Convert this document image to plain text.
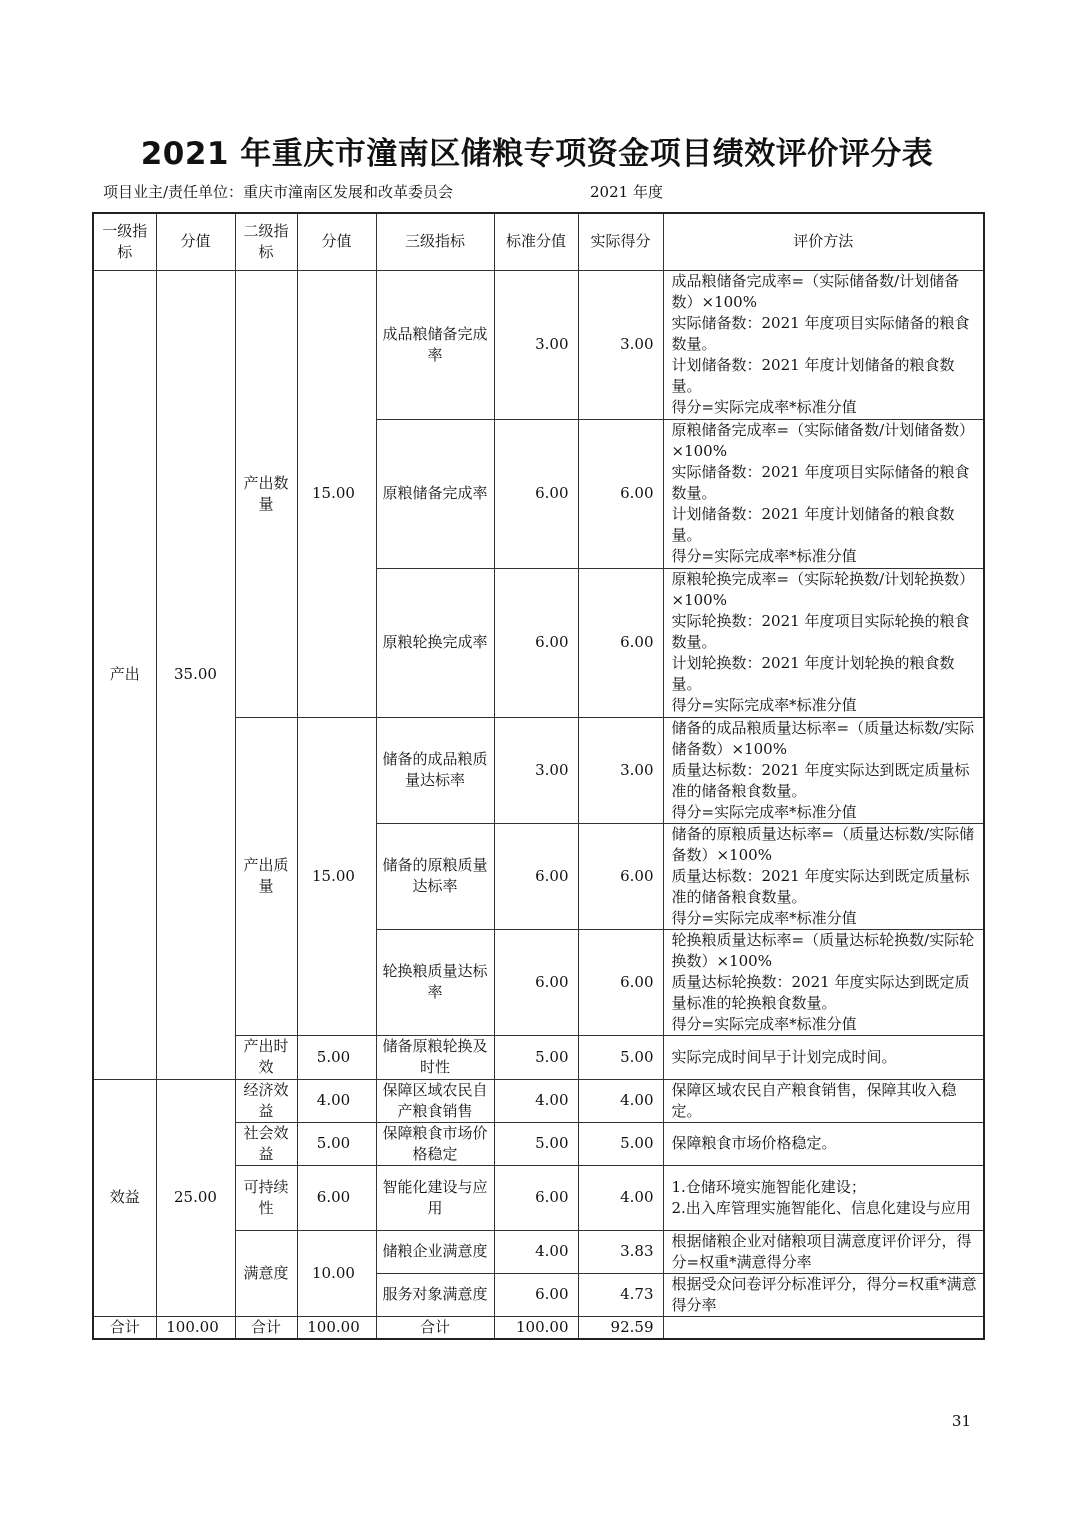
2021 年重庆市潼南区储粮专项资金项目绩效评价评分表
项目业主/责任单位：重庆市潼南区发展和改革委员会	2021 年度
一级指标	分值	二级指标	分值	三级指标	标准分值	实际得分	评价方法
产出	35.00	产出数量	15.00	成品粮储备完成率	3.00	3.00	成品粮储备完成率=（实际储备数/计划储备数）×100%
实际储备数：2021 年度项目实际储备的粮食数量。
计划储备数：2021 年度计划储备的粮食数量。
得分=实际完成率*标准分值

				原粮储备完成率	6.00	6.00	原粮储备完成率=（实际储备数/计划储备数）×100%
实际储备数：2021 年度项目实际储备的粮食数量。
计划储备数：2021 年度计划储备的粮食数量。
得分=实际完成率*标准分值

				原粮轮换完成率	6.00	6.00	原粮轮换完成率=（实际轮换数/计划轮换数）×100%
实际轮换数：2021 年度项目实际轮换的粮食数量。
计划轮换数：2021 年度计划轮换的粮食数量。
得分=实际完成率*标准分值

		产出质量	15.00	储备的成品粮质量达标率	3.00	3.00	储备的成品粮质量达标率=（质量达标数/实际储备数）×100%
质量达标数：2021 年度实际达到既定质量标准的储备粮食数量。
得分=实际完成率*标准分值

				储备的原粮质量达标率	6.00	6.00	储备的原粮质量达标率=（质量达标数/实际储备数）×100%
质量达标数：2021 年度实际达到既定质量标准的储备粮食数量。
得分=实际完成率*标准分值

				轮换粮质量达标率	6.00	6.00	轮换粮质量达标率=（质量达标轮换数/实际轮换数）×100%
质量达标轮换数：2021 年度实际达到既定质量标准的轮换粮食数量。
得分=实际完成率*标准分值

		产出时效	5.00	储备原粮轮换及时性	5.00	5.00	实际完成时间早于计划完成时间。

效益	25.00	经济效益	4.00	保障区域农民自产粮食销售	4.00	4.00	保障区域农民自产粮食销售，保障其收入稳定。

		社会效益	5.00	保障粮食市场价格稳定	5.00	5.00	保障粮食市场价格稳定。

		可持续性	6.00	智能化建设与应用	6.00	4.00	1.仓储环境实施智能化建设；
2.出入库管理实施智能化、信息化建设与应用

		满意度	10.00	储粮企业满意度	4.00	3.83	根据储粮企业对储粮项目满意度评价评分，得分=权重*满意得分率

				服务对象满意度	6.00	4.73	根据受众问卷评分标准评分，得分=权重*满意得分率

合计	100.00	合计	100.00	合计	100.00	92.59	
31
